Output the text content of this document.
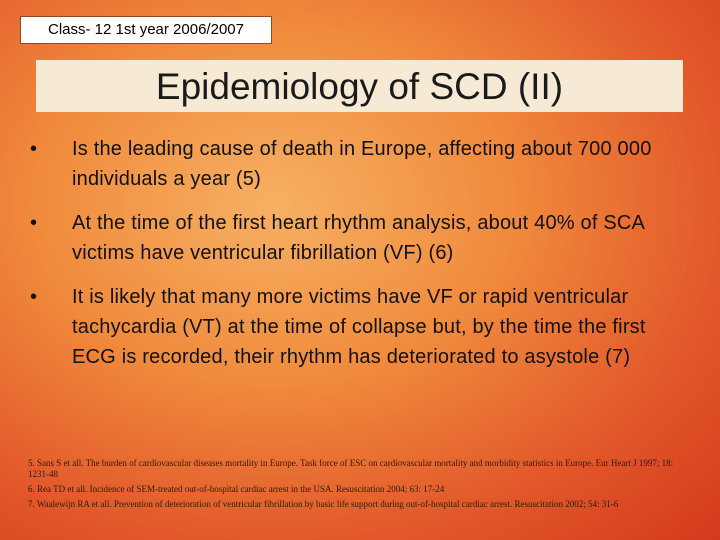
Class- 12 1st year 2006/2007
Epidemiology of SCD (II)
•	Is the leading cause of death in Europe, affecting about 700 000 individuals a year (5)
•	At the time of the first heart rhythm analysis, about 40% of SCA victims have ventricular fibrillation (VF) (6)
•	It is likely that many more victims have VF or rapid ventricular tachycardia (VT) at the time of collapse but, by the time the first ECG is recorded, their rhythm has deteriorated to asystole (7)
5. Sans S et all. The burden of cardiovascular diseases mortality in Europe. Task force of ESC on cardiovascular mortality and morbidity statistics in Europe. Eur Heart J 1997; 18: 1231-48
6. Rea TD et all. Incidence of SEM-treated out-of-hospital cardiac arrest in the USA. Resuscitation 2004; 63: 17-24
7. Waalewijn RA et all. Prevention of deterioration of ventricular fibrillation by basic life support during out-of-hospital cardiac arrest. Resuscitation 2002; 54: 31-6
